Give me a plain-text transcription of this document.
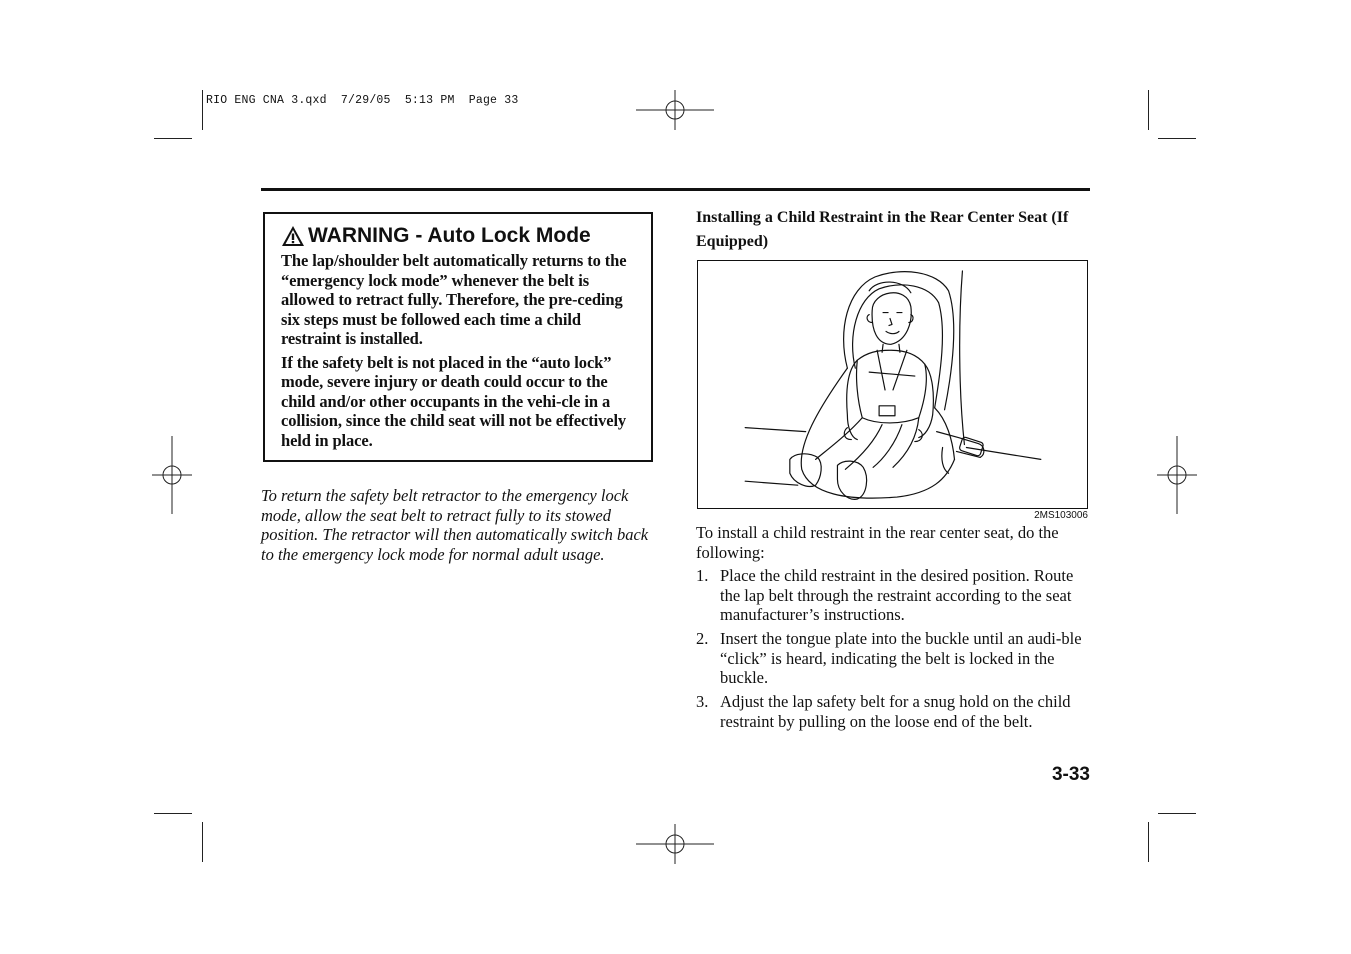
RIO ENG CNA 3.qxd  7/29/05  5:13 PM  Page 33
WARNING - Auto Lock Mode

The lap/shoulder belt automatically returns to the “emergency lock mode” whenever the belt is allowed to retract fully. Therefore, the pre-ceding six steps must be followed each time a child restraint is installed.

If the safety belt is not placed in the “auto lock” mode, severe injury or death could occur to the child and/or other occupants in the vehi-cle in a collision, since the child seat will not be effectively held in place.

To return the safety belt retractor to the emergency lock mode, allow the seat belt to retract fully to its stowed position. The retractor will then automatically switch back to the emergency lock mode for normal adult usage.
Installing a Child Restraint in the Rear Center Seat (If Equipped)
2MS103006
To install a child restraint in the rear center seat, do the following:
1. Place the child restraint in the desired position. Route the lap belt through the restraint according to the seat manufacturer’s instructions.
2. Insert the tongue plate into the buckle until an audi-ble “click” is heard, indicating the belt is locked in the buckle.
3. Adjust the lap safety belt for a snug hold on the child restraint by pulling on the loose end of the belt.
3-33
